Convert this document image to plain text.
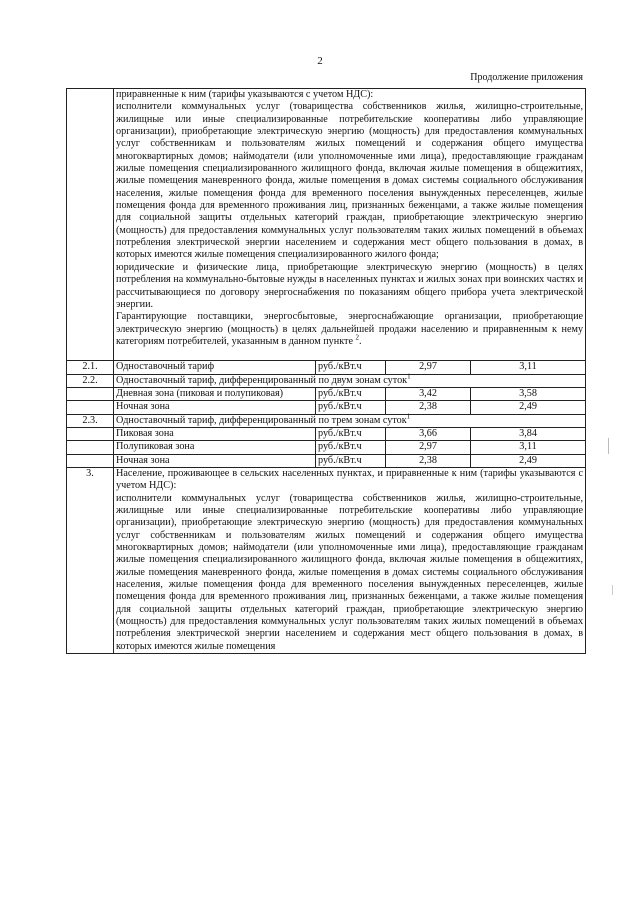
2
Продолжение приложения

	приравненные к ним (тарифы указываются с учетом НДС):
исполнители коммунальных услуг (товарищества собственников жилья, жилищно-строительные, жилищные или иные специализированные потребительские кооперативы либо управляющие организации), приобретающие электрическую энергию (мощность) для предоставления коммунальных услуг собственникам и пользователям жилых помещений и содержания общего имущества многоквартирных домов; наймодатели (или уполномоченные ими лица), предоставляющие гражданам жилые помещения специализированного жилищного фонда, включая жилые помещения в общежитиях, жилые помещения маневренного фонда, жилые помещения в домах системы социального обслуживания населения, жилые помещения фонда для временного поселения вынужденных переселенцев, жилые помещения фонда для временного проживания лиц, признанных беженцами, а также жилые помещения для социальной защиты отдельных категорий граждан, приобретающие электрическую энергию (мощность) для предоставления коммунальных услуг пользователям таких жилых помещений в объемах потребления электрической энергии населением и содержания мест общего пользования в домах, в которых имеются жилые помещения специализированного жилого фонда;
юридические и физические лица, приобретающие электрическую энергию (мощность) в целях потребления на коммунально-бытовые нужды в населенных пунктах и жилых зонах при воинских частях и рассчитывающиеся по договору энергоснабжения по показаниям общего прибора учета электрической энергии.
Гарантирующие поставщики, энергосбытовые, энергоснабжающие организации, приобретающие электрическую энергию (мощность) в целях дальнейшей продажи населению и приравненным к нему категориям потребителей, указанным в данном пункте $^2$.			

2.1.	Одноставочный тариф	руб./кВт.ч	2,97	3,11
2.2.	Одноставочный тариф, дифференцированный по двум зонам суток$^1$
	Дневная зона (пиковая и полупиковая)	руб./кВт.ч	3,42	3,58
	Ночная зона	руб./кВт.ч	2,38	2,49
2.3.	Одноставочный тариф, дифференцированный по трем зонам суток$^1$
	Пиковая зона	руб./кВт.ч	3,66	3,84
	Полупиковая зона	руб./кВт.ч	2,97	3,11
	Ночная зона	руб./кВт.ч	2,38	2,49
3.	Население, проживающее в сельских населенных пунктах, и приравненные к ним (тарифы указываются с учетом НДС):
исполнители коммунальных услуг (товарищества собственников жилья, жилищно-строительные, жилищные или иные специализированные потребительские кооперативы либо управляющие организации), приобретающие электрическую энергию (мощность) для предоставления коммунальных услуг собственникам и пользователям жилых помещений и содержания общего имущества многоквартирных домов; наймодатели (или уполномоченные ими лица), предоставляющие гражданам жилые помещения специализированного жилищного фонда, включая жилые помещения в общежитиях, жилые помещения маневренного фонда, жилые помещения в домах системы социального обслуживания населения, жилые помещения фонда для временного поселения вынужденных переселенцев, жилые помещения фонда для временного проживания лиц, признанных беженцами, а также жилые помещения для социальной защиты отдельных категорий граждан, приобретающие электрическую энергию (мощность) для предоставления коммунальных услуг пользователям таких жилых помещений в объемах потребления электрической энергии населением и содержания мест общего пользования в домах, в которых имеются жилые помещения			
